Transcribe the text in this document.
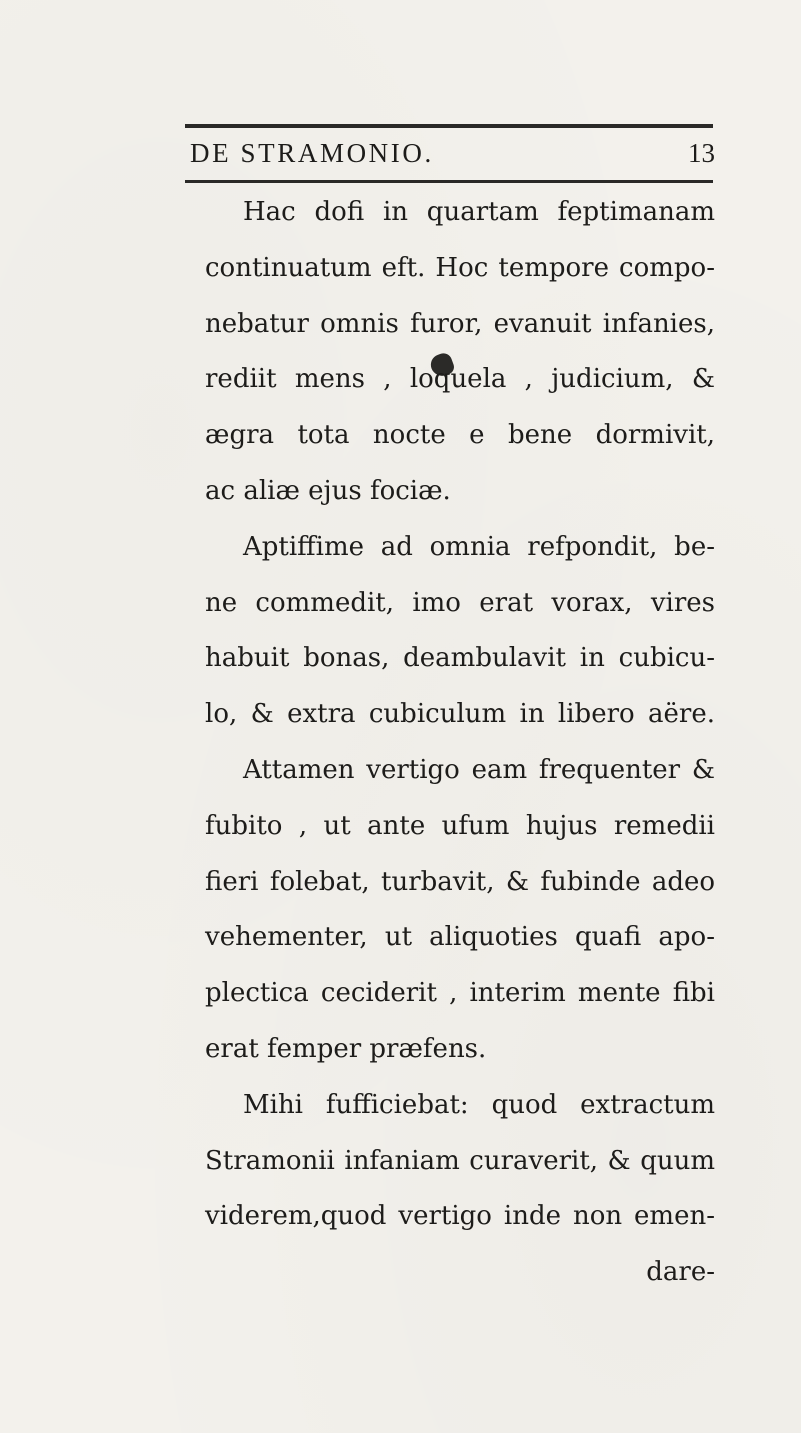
DE STRAMONIO.	13
Hac dofi in quartam feptimanam
continuatum eft. Hoc tempore compo-
nebatur omnis furor, evanuit infanies,
rediit mens , loquela , judicium, &
ægra tota nocte e bene dormivit,
ac aliæ ejus fociæ.
Aptiffime ad omnia refpondit, be-
ne commedit, imo erat vorax, vires
habuit bonas, deambulavit in cubicu-
lo, & extra cubiculum in libero aëre.
Attamen vertigo eam frequenter &
fubito , ut ante ufum hujus remedii
fieri folebat, turbavit, & fubinde adeo
vehementer, ut aliquoties quafi apo-
plectica ceciderit , interim mente fibi
erat femper præfens.
Mihi fufficiebat: quod extractum
Stramonii infaniam curaverit, & quum
viderem,quod vertigo inde non emen-
dare-
